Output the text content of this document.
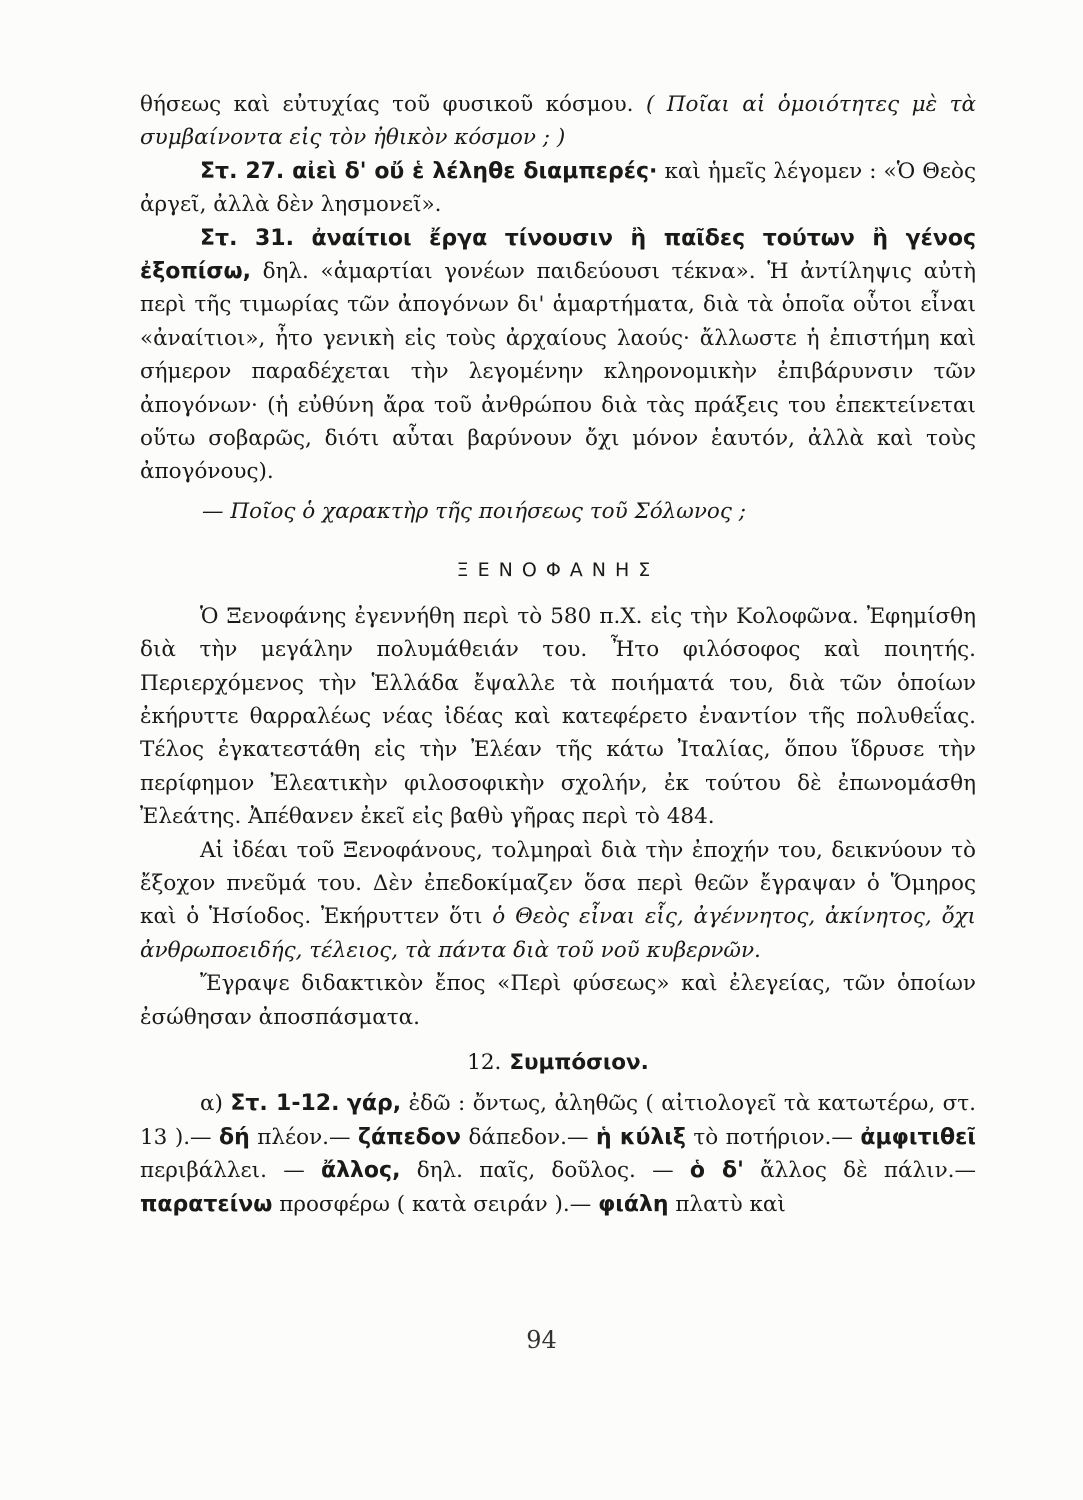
θήσεως καὶ εὐτυχίας τοῦ φυσικοῦ κόσμου. ( Ποῖαι αἱ ὁμοιότητες μὲ τὰ συμβαίνοντα εἰς τὸν ἠθικὸν κόσμον ; )

Στ. 27. αἰεὶ δ' οὔ ἑ λέληθε διαμπερές· καὶ ἡμεῖς λέγομεν : «Ὁ Θεὸς ἀργεῖ, ἀλλὰ δὲν λησμονεῖ».

Στ. 31. ἀναίτιοι ἔργα τίνουσιν ἢ παῖδες τούτων ἢ γένος ἐξοπίσω, δηλ. «ἁμαρτίαι γονέων παιδεύουσι τέκνα». Ἡ ἀντίληψις αὐτὴ περὶ τῆς τιμωρίας τῶν ἀπογόνων δι' ἁμαρτήματα, διὰ τὰ ὁποῖα οὗτοι εἶναι «ἀναίτιοι», ἦτο γενικὴ εἰς τοὺς ἀρχαίους λαούς· ἄλλωστε ἡ ἐπιστήμη καὶ σήμερον παραδέχεται τὴν λεγομένην κληρονομικὴν ἐπιβάρυνσιν τῶν ἀπογόνων· (ἡ εὐθύνη ἄρα τοῦ ἀνθρώπου διὰ τὰς πράξεις του ἐπεκτείνεται οὕτω σοβαρῶς, διότι αὗται βαρύνουν ὄχι μόνον ἑαυτόν, ἀλλὰ καὶ τοὺς ἀπογόνους).

— Ποῖος ὁ χαρακτὴρ τῆς ποιήσεως τοῦ Σόλωνος ;

ΞΕΝΟΦΑΝΗΣ

Ὁ Ξενοφάνης ἐγεννήθη περὶ τὸ 580 π.Χ. εἰς τὴν Κολοφῶνα. Ἐφημίσθη διὰ τὴν μεγάλην πολυμάθειάν του. Ἦτο φιλόσοφος καὶ ποιητής. Περιερχόμενος τὴν Ἑλλάδα ἔψαλλε τὰ ποιήματά του, διὰ τῶν ὁποίων ἐκήρυττε θαρραλέως νέας ἰδέας καὶ κατεφέρετο ἐναντίον τῆς πολυθεΐας. Τέλος ἐγκατεστάθη εἰς τὴν Ἐλέαν τῆς κάτω Ἰταλίας, ὅπου ἵδρυσε τὴν περίφημον Ἐλεατικὴν φιλοσοφικὴν σχολήν, ἐκ τούτου δὲ ἐπωνομάσθη Ἐλεάτης. Ἀπέθανεν ἐκεῖ εἰς βαθὺ γῆρας περὶ τὸ 484.

Αἱ ἰδέαι τοῦ Ξενοφάνους, τολμηραὶ διὰ τὴν ἐποχήν του, δεικνύουν τὸ ἔξοχον πνεῦμά του. Δὲν ἐπεδοκίμαζεν ὅσα περὶ θεῶν ἔγραψαν ὁ Ὅμηρος καὶ ὁ Ἡσίοδος. Ἐκήρυττεν ὅτι ὁ Θεὸς εἶναι εἷς, ἀγέννητος, ἀκίνητος, ὄχι ἀνθρωποειδής, τέλειος, τὰ πάντα διὰ τοῦ νοῦ κυβερνῶν.

Ἔγραψε διδακτικὸν ἔπος «Περὶ φύσεως» καὶ ἐλεγείας, τῶν ὁποίων ἐσώθησαν ἀποσπάσματα.

12. Συμπόσιον.

α) Στ. 1-12. γάρ, ἐδῶ : ὄντως, ἀληθῶς ( αἰτιολογεῖ τὰ κατωτέρω, στ. 13 ).— δή πλέον.— ζάπεδον δάπεδον.— ἡ κύλιξ τὸ ποτήριον.— ἀμφιτιθεῖ περιβάλλει. — ἄλλος, δηλ. παῖς, δοῦλος. — ὁ δ' ἄλλος δὲ πάλιν.— παρατείνω προσφέρω ( κατὰ σειράν ).— φιάλη πλατὺ καὶ

94
